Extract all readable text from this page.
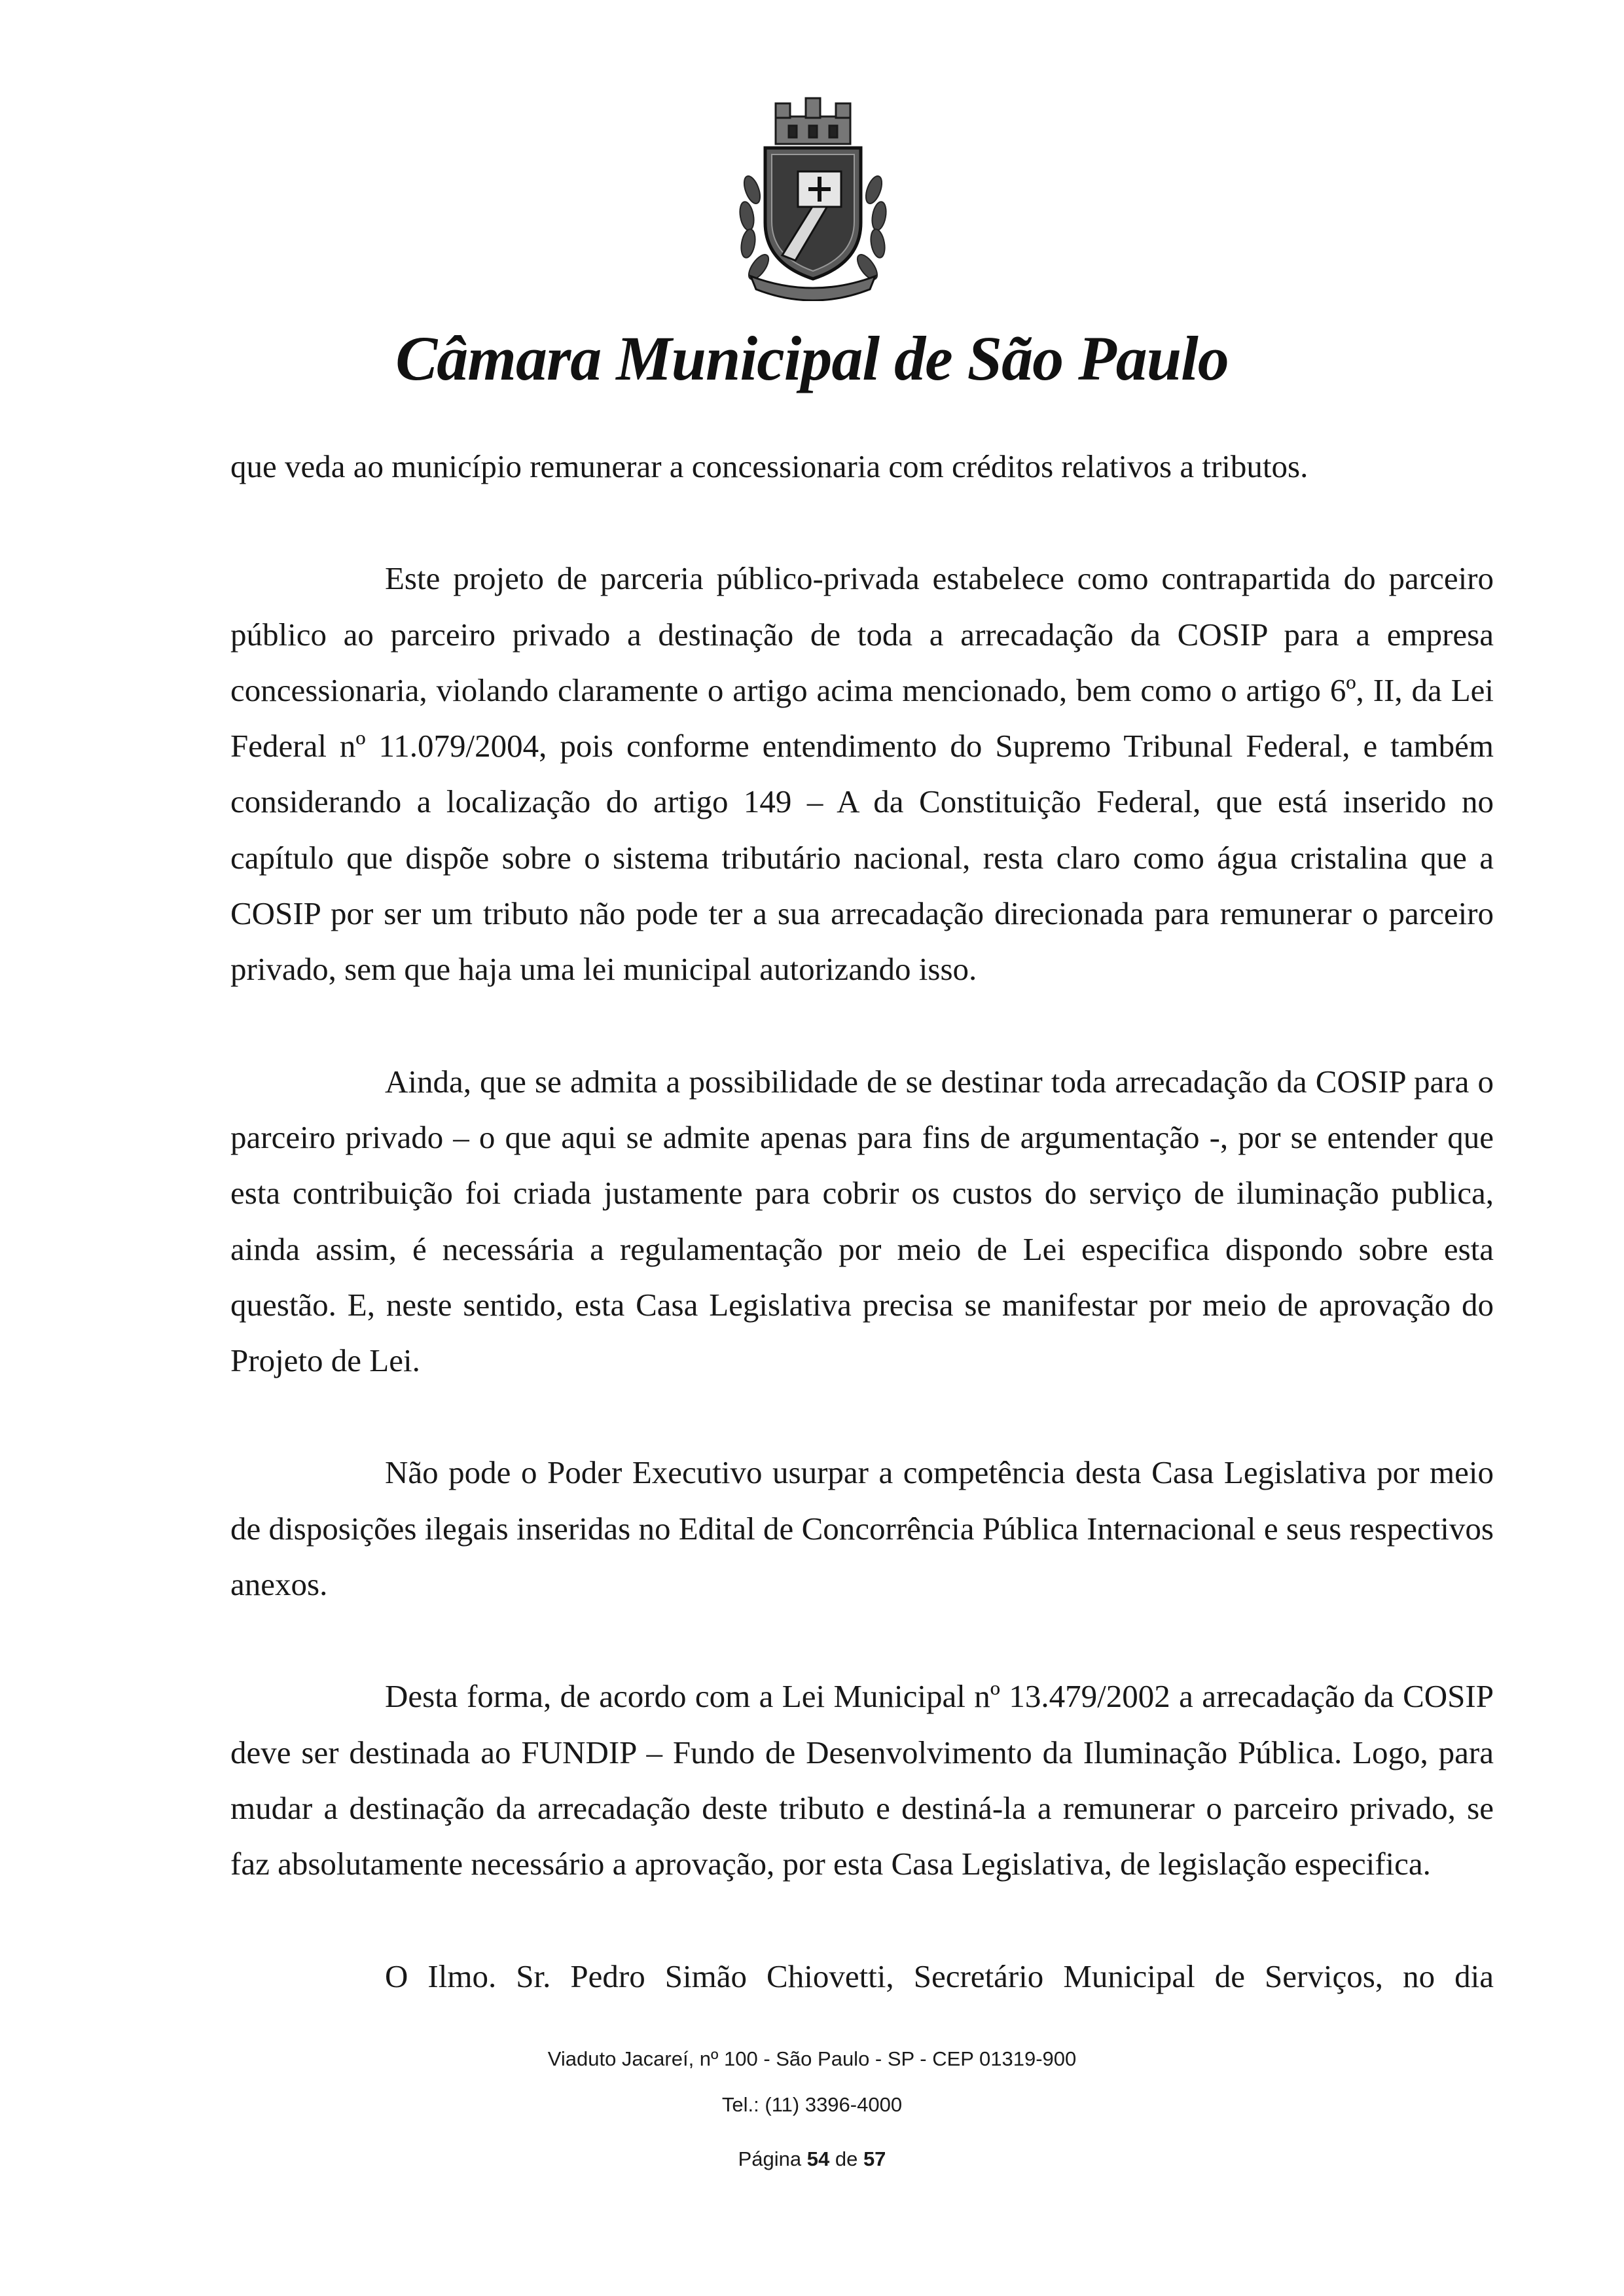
Câmara Municipal de São Paulo

que veda ao município remunerar a concessionaria com créditos relativos a tributos.

Este projeto de parceria público-privada estabelece como contrapartida do parceiro público ao parceiro privado a destinação de toda a arrecadação da COSIP para a empresa concessionaria, violando claramente o artigo acima mencionado, bem como o artigo 6º, II, da Lei Federal nº 11.079/2004, pois conforme entendimento do Supremo Tribunal Federal, e também considerando a localização do artigo 149 – A da Constituição Federal, que está inserido no capítulo que dispõe sobre o sistema tributário nacional, resta claro como água cristalina que a COSIP por ser um tributo não pode ter a sua arrecadação direcionada para remunerar o parceiro privado, sem que haja uma lei municipal autorizando isso.

Ainda, que se admita a possibilidade de se destinar toda arrecadação da COSIP para o parceiro privado – o que aqui se admite apenas para fins de argumentação -, por se entender que esta contribuição foi criada justamente para cobrir os custos do serviço de iluminação publica, ainda assim, é necessária a regulamentação por meio de Lei especifica dispondo sobre esta questão. E, neste sentido, esta Casa Legislativa precisa se manifestar por meio de aprovação do Projeto de Lei.

Não pode o Poder Executivo usurpar a competência desta Casa Legislativa por meio de disposições ilegais inseridas no Edital de Concorrência Pública Internacional e seus respectivos anexos.

Desta forma, de acordo com a Lei Municipal nº 13.479/2002 a arrecadação da COSIP deve ser destinada ao FUNDIP – Fundo de Desenvolvimento da Iluminação Pública. Logo, para mudar a destinação da arrecadação deste tributo e destiná-la a remunerar o parceiro privado, se faz absolutamente necessário a aprovação, por esta Casa Legislativa, de legislação especifica.

O Ilmo. Sr. Pedro Simão Chiovetti, Secretário Municipal de Serviços, no dia

Viaduto Jacareí, nº 100 - São Paulo - SP - CEP 01319-900

Tel.: (11) 3396-4000

Página 54 de 57
